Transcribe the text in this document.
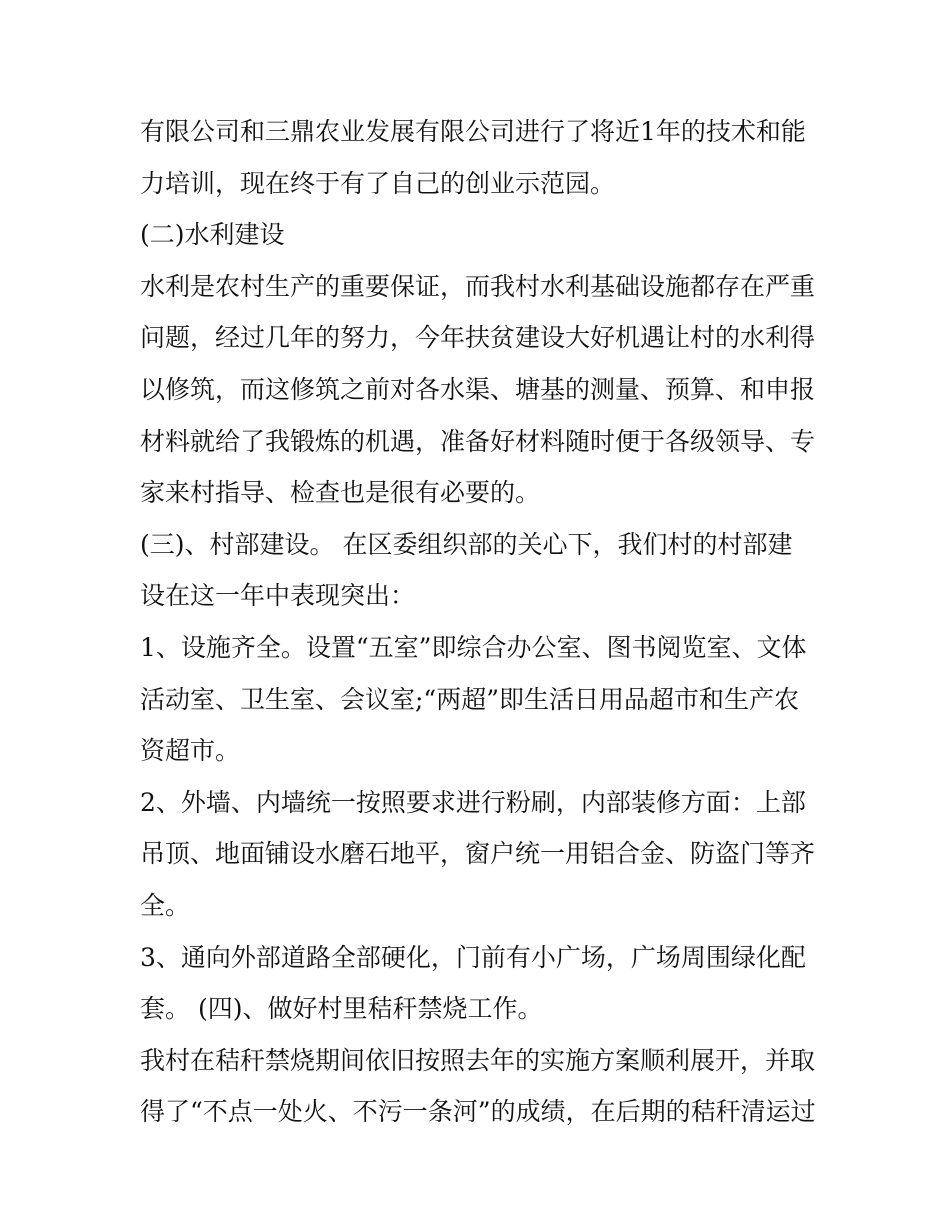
有限公司和三鼎农业发展有限公司进行了将近1年的技术和能
力培训，现在终于有了自己的创业示范园。
(二)水利建设
水利是农村生产的重要保证，而我村水利基础设施都存在严重
问题，经过几年的努力，今年扶贫建设大好机遇让村的水利得
以修筑，而这修筑之前对各水渠、塘基的测量、预算、和申报
材料就给了我锻炼的机遇，准备好材料随时便于各级领导、专
家来村指导、检查也是很有必要的。
(三)、村部建设。 在区委组织部的关心下，我们村的村部建
设在这一年中表现突出：
1、设施齐全。设置“五室”即综合办公室、图书阅览室、文体
活动室、卫生室、会议室;“两超”即生活日用品超市和生产农
资超市。
2、外墙、内墙统一按照要求进行粉刷，内部装修方面：上部
吊顶、地面铺设水磨石地平，窗户统一用铝合金、防盗门等齐
全。
3、通向外部道路全部硬化，门前有小广场，广场周围绿化配
套。 (四)、做好村里秸秆禁烧工作。
我村在秸秆禁烧期间依旧按照去年的实施方案顺利展开，并取
得了“不点一处火、不污一条河”的成绩，在后期的秸秆清运过
